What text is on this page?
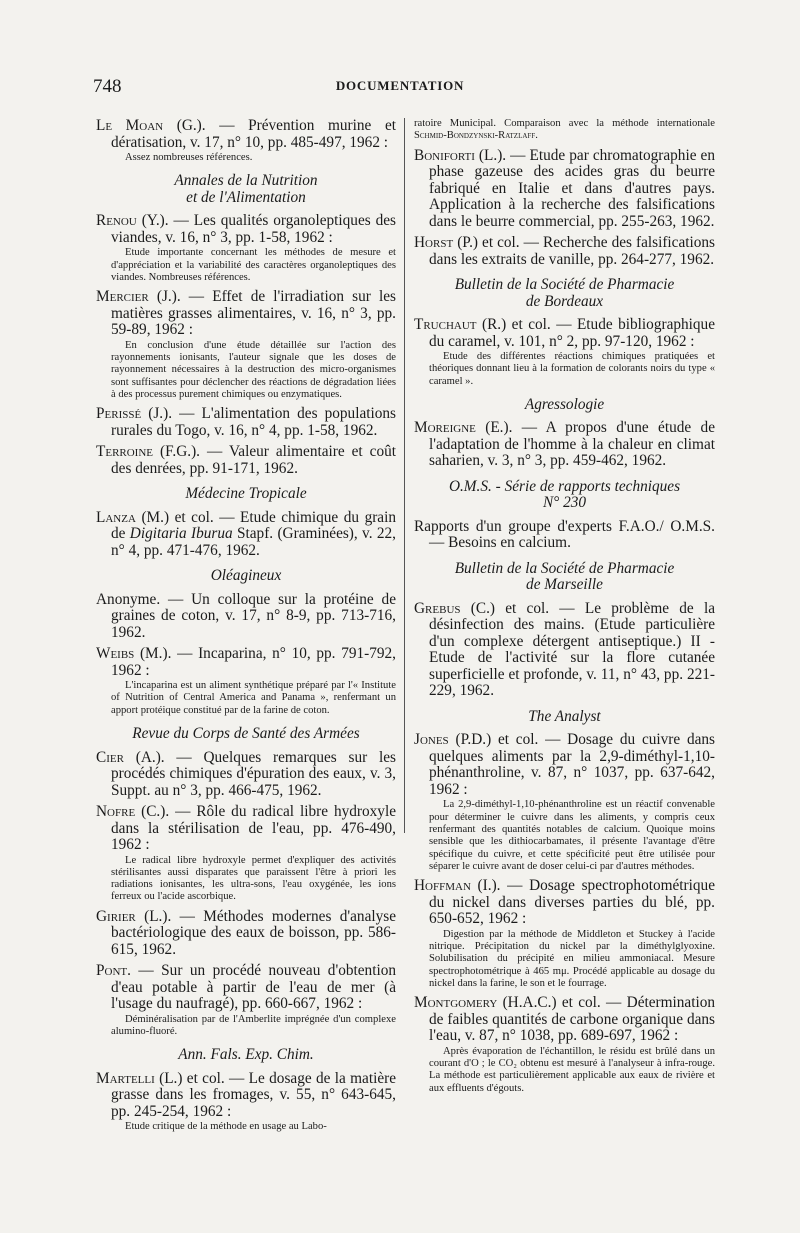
748	DOCUMENTATION
Le Moan (G.). — Prévention murine et dératisation, v. 17, n° 10, pp. 485-497, 1962 :
Assez nombreuses références.
Annales de la Nutrition
et de l'Alimentation
Renou (Y.). — Les qualités organoleptiques des viandes, v. 16, n° 3, pp. 1-58, 1962 :
Etude importante concernant les méthodes de mesure et d'appréciation et la variabilité des caractères organoleptiques des viandes. Nombreuses références.
Mercier (J.). — Effet de l'irradiation sur les matières grasses alimentaires, v. 16, n° 3, pp. 59-89, 1962 :
En conclusion d'une étude détaillée sur l'action des rayonnements ionisants, l'auteur signale que les doses de rayonnement nécessaires à la destruction des micro-organismes sont suffisantes pour déclencher des réactions de dégradation liées à des processus purement chimiques ou enzymatiques.
Perissé (J.). — L'alimentation des populations rurales du Togo, v. 16, n° 4, pp. 1-58, 1962.
Terroine (F.G.). — Valeur alimentaire et coût des denrées, pp. 91-171, 1962.
Médecine Tropicale
Lanza (M.) et col. — Etude chimique du grain de Digitaria Iburua Stapf. (Graminées), v. 22, n° 4, pp. 471-476, 1962.
Oléagineux
Anonyme. — Un colloque sur la protéine de graines de coton, v. 17, n° 8-9, pp. 713-716, 1962.
Weibs (M.). — Incaparina, n° 10, pp. 791-792, 1962 :
L'incaparina est un aliment synthétique préparé par l'« Institute of Nutrition of Central America and Panama », renfermant un apport protéique constitué par de la farine de coton.
Revue du Corps de Santé des Armées
Cier (A.). — Quelques remarques sur les procédés chimiques d'épuration des eaux, v. 3, Suppt. au n° 3, pp. 466-475, 1962.
Nofre (C.). — Rôle du radical libre hydroxyle dans la stérilisation de l'eau, pp. 476-490, 1962 :
Le radical libre hydroxyle permet d'expliquer des activités stérilisantes aussi disparates que paraissent l'être à priori les radiations ionisantes, les ultra-sons, l'eau oxygénée, les ions ferreux ou l'acide ascorbique.
Girier (L.). — Méthodes modernes d'analyse bactériologique des eaux de boisson, pp. 586-615, 1962.
Pont. — Sur un procédé nouveau d'obtention d'eau potable à partir de l'eau de mer (à l'usage du naufragé), pp. 660-667, 1962 :
Déminéralisation par de l'Amberlite imprégnée d'un complexe alumino-fluoré.
Ann. Fals. Exp. Chim.
Martelli (L.) et col. — Le dosage de la matière grasse dans les fromages, v. 55, n° 643-645, pp. 245-254, 1962 :
Etude critique de la méthode en usage au Labo-
ratoire Municipal. Comparaison avec la méthode internationale Schmid-Bondzynski-Ratzlaff.
Boniforti (L.). — Etude par chromatographie en phase gazeuse des acides gras du beurre fabriqué en Italie et dans d'autres pays. Application à la recherche des falsifications dans le beurre commercial, pp. 255-263, 1962.
Horst (P.) et col. — Recherche des falsifications dans les extraits de vanille, pp. 264-277, 1962.
Bulletin de la Société de Pharmacie
de Bordeaux
Truchaut (R.) et col. — Etude bibliographique du caramel, v. 101, n° 2, pp. 97-120, 1962 :
Etude des différentes réactions chimiques pratiquées et théoriques donnant lieu à la formation de colorants noirs du type « caramel ».
Agressologie
Moreigne (E.). — A propos d'une étude de l'adaptation de l'homme à la chaleur en climat saharien, v. 3, n° 3, pp. 459-462, 1962.
O.M.S. - Série de rapports techniques
N° 230
Rapports d'un groupe d'experts F.A.O./ O.M.S. — Besoins en calcium.
Bulletin de la Société de Pharmacie
de Marseille
Grebus (C.) et col. — Le problème de la désinfection des mains. (Etude particulière d'un complexe détergent antiseptique.) II - Etude de l'activité sur la flore cutanée superficielle et profonde, v. 11, n° 43, pp. 221-229, 1962.
The Analyst
Jones (P.D.) et col. — Dosage du cuivre dans quelques aliments par la 2,9-diméthyl-1,10-phénanthroline, v. 87, n° 1037, pp. 637-642, 1962 :
La 2,9-diméthyl-1,10-phénanthroline est un réactif convenable pour déterminer le cuivre dans les aliments, y compris ceux renfermant des quantités notables de calcium. Quoique moins sensible que les dithiocarbamates, il présente l'avantage d'être spécifique du cuivre, et cette spécificité peut être utilisée pour séparer le cuivre avant de doser celui-ci par d'autres méthodes.
Hoffman (I.). — Dosage spectrophotométrique du nickel dans diverses parties du blé, pp. 650-652, 1962 :
Digestion par la méthode de Middleton et Stuckey à l'acide nitrique. Précipitation du nickel par la diméthylglyoxine. Solubilisation du précipité en milieu ammoniacal. Mesure spectrophotométrique à 465 mμ. Procédé applicable au dosage du nickel dans la farine, le son et le fourrage.
Montgomery (H.A.C.) et col. — Détermination de faibles quantités de carbone organique dans l'eau, v. 87, n° 1038, pp. 689-697, 1962 :
Après évaporation de l'échantillon, le résidu est brûlé dans un courant d'O ; le CO₂ obtenu est mesuré à l'analyseur à infra-rouge. La méthode est particulièrement applicable aux eaux de rivière et aux effluents d'égouts.
